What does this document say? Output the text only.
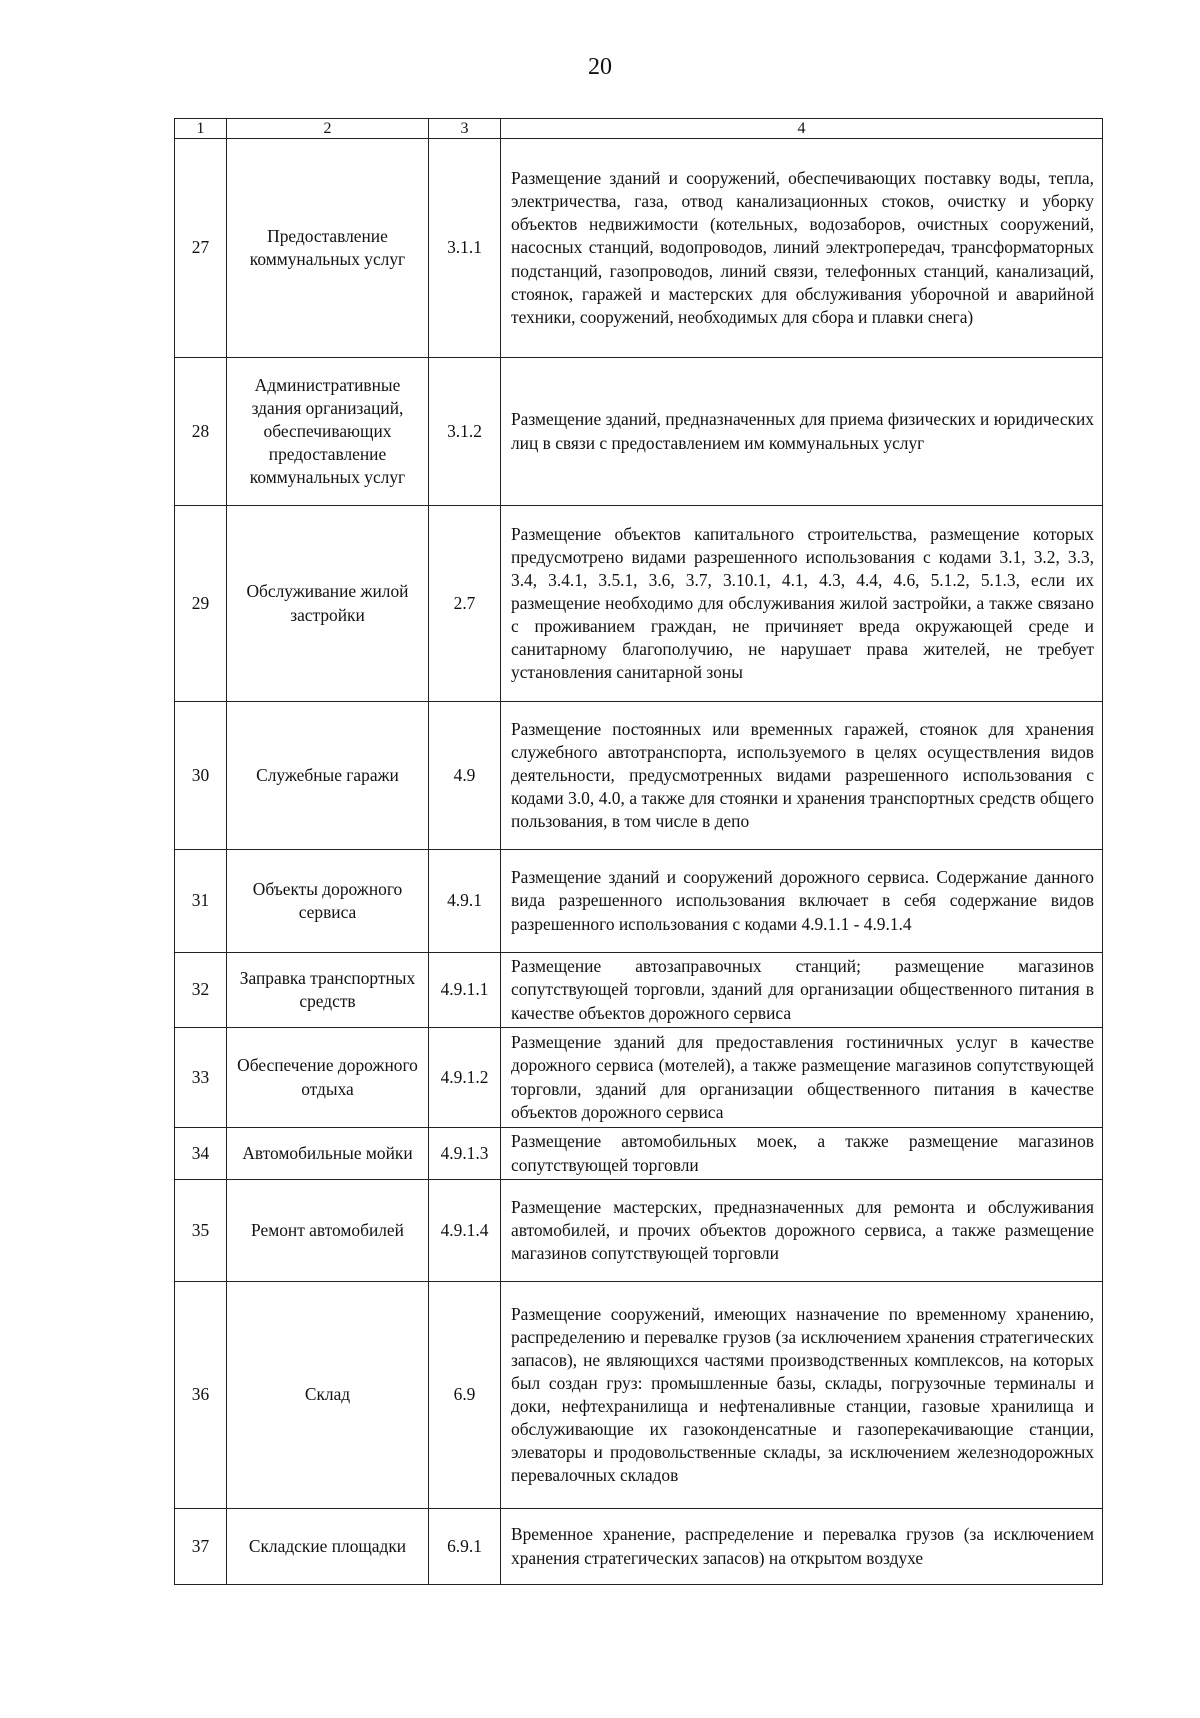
20
1	2	3	4
27	Предоставление коммунальных услуг	3.1.1	Размещение зданий и сооружений, обеспечивающих поставку воды, тепла, электричества, газа, отвод канализационных стоков, очистку и уборку объектов недвижимости (котельных, водозаборов, очистных сооружений, насосных станций, водопроводов, линий электропередач, трансформаторных подстанций, газопроводов, линий связи, телефонных станций, канализаций, стоянок, гаражей и мастерских для обслуживания уборочной и аварийной техники, сооружений, необходимых для сбора и плавки снега)
28	Административные здания организаций, обеспечивающих предоставление коммунальных услуг	3.1.2	Размещение зданий, предназначенных для приема физических и юридических лиц в связи с предоставлением им коммунальных услуг
29	Обслуживание жилой застройки	2.7	Размещение объектов капитального строительства, размещение которых предусмотрено видами разрешенного использования с кодами 3.1, 3.2, 3.3, 3.4, 3.4.1, 3.5.1, 3.6, 3.7, 3.10.1, 4.1, 4.3, 4.4, 4.6, 5.1.2, 5.1.3, если их размещение необходимо для обслуживания жилой застройки, а также связано с проживанием граждан, не причиняет вреда окружающей среде и санитарному благополучию, не нарушает права жителей, не требует установления санитарной зоны
30	Служебные гаражи	4.9	Размещение постоянных или временных гаражей, стоянок для хранения служебного автотранспорта, используемого в целях осуществления видов деятельности, предусмотренных видами разрешенного использования с кодами 3.0, 4.0, а также для стоянки и хранения транспортных средств общего пользования, в том числе в депо
31	Объекты дорожного сервиса	4.9.1	Размещение зданий и сооружений дорожного сервиса. Содержание данного вида разрешенного использования включает в себя содержание видов разрешенного использования с кодами 4.9.1.1 - 4.9.1.4
32	Заправка транспортных средств	4.9.1.1	Размещение автозаправочных станций; размещение магазинов сопутствующей торговли, зданий для организации общественного питания в качестве объектов дорожного сервиса
33	Обеспечение дорожного отдыха	4.9.1.2	Размещение зданий для предоставления гостиничных услуг в качестве дорожного сервиса (мотелей), а также размещение магазинов сопутствующей торговли, зданий для организации общественного питания в качестве объектов дорожного сервиса
34	Автомобильные мойки	4.9.1.3	Размещение автомобильных моек, а также размещение магазинов сопутствующей торговли
35	Ремонт автомобилей	4.9.1.4	Размещение мастерских, предназначенных для ремонта и обслуживания автомобилей, и прочих объектов дорожного сервиса, а также размещение магазинов сопутствующей торговли
36	Склад	6.9	Размещение сооружений, имеющих назначение по временному хранению, распределению и перевалке грузов (за исключением хранения стратегических запасов), не являющихся частями производственных комплексов, на которых был создан груз: промышленные базы, склады, погрузочные терминалы и доки, нефтехранилища и нефтеналивные станции, газовые хранилища и обслуживающие их газоконденсатные и газоперекачивающие станции, элеваторы и продовольственные склады, за исключением железнодорожных перевалочных складов
37	Складские площадки	6.9.1	Временное хранение, распределение и перевалка грузов (за исключением хранения стратегических запасов) на открытом воздухе
